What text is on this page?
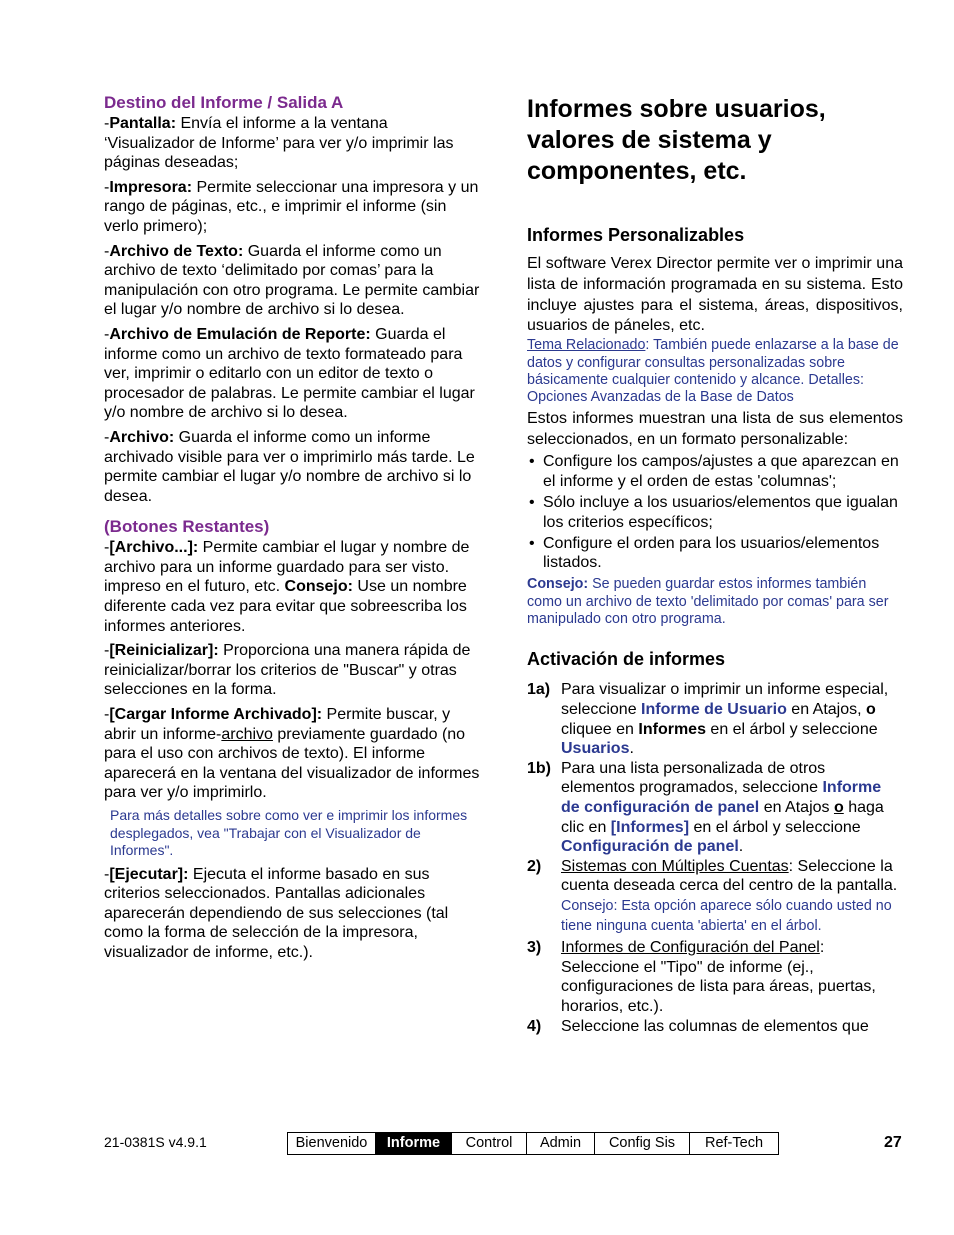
Destino del Informe / Salida A

-Pantalla: Envía el informe a la ventana ‘Visualizador de Informe’ para ver y/o imprimir las páginas deseadas;

-Impresora: Permite seleccionar una impresora y un rango de páginas, etc., e imprimir el informe (sin verlo primero);

-Archivo de Texto: Guarda el informe como un archivo de texto ‘delimitado por comas’ para la manipulación con otro programa. Le permite cambiar el lugar y/o nombre de archivo si lo desea.

-Archivo de Emulación de Reporte: Guarda el informe como un archivo de texto formateado para ver, imprimir o editarlo con un editor de texto o procesador de palabras. Le permite cambiar el lugar y/o nombre de archivo si lo desea.

-Archivo: Guarda el informe como un informe archivado visible para ver o imprimirlo más tarde. Le permite cambiar el lugar y/o nombre de archivo si lo desea.

(Botones Restantes)

-[Archivo...]: Permite cambiar el lugar y nombre de archivo para un informe guardado para ser visto. impreso en el futuro, etc. Consejo: Use un nombre diferente cada vez para evitar que sobreescriba los informes anteriores.

-[Reinicializar]: Proporciona una manera rápida de reinicializar/borrar los criterios de "Buscar" y otras selecciones en la forma.

-[Cargar Informe Archivado]: Permite buscar, y abrir un informe-archivo previamente guardado (no para el uso con archivos de texto). El informe aparecerá en la ventana del visualizador de informes para ver y/o imprimirlo.

Para más detalles sobre como ver e imprimir los informes desplegados, vea "Trabajar con el Visualizador de Informes".

-[Ejecutar]: Ejecuta el informe basado en sus criterios seleccionados. Pantallas adicionales aparecerán dependiendo de sus selecciones (tal como la forma de selección de la impresora, visualizador de informe, etc.).

Informes sobre usuarios, valores de sistema y componentes, etc.
Informes Personalizables

El software Verex Director permite ver o imprimir una lista de información programada en su sistema. Esto incluye ajustes para el sistema, áreas, dispositivos, usuarios de páneles, etc.

Tema Relacionado: También puede enlazarse a la base de datos y configurar consultas personalizadas sobre básicamente cualquier contenido y alcance. Detalles: Opciones Avanzadas de la Base de Datos

Estos informes muestran una lista de sus elementos seleccionados, en un formato personalizable:

• Configure los campos/ajustes a que aparezcan en el informe y el orden de estas 'columnas';
• Sólo incluye a los usuarios/elementos que igualan los criterios específicos;
• Configure el orden para los usuarios/elementos listados.

Consejo: Se pueden guardar estos informes también como un archivo de texto 'delimitado por comas' para ser manipulado con otro programa.

Activación de informes
1a) Para visualizar o imprimir un informe especial, seleccione Informe de Usuario en Atajos, o cliquee en Informes en el árbol y seleccione Usuarios.
1b) Para una lista personalizada de otros elementos programados, seleccione Informe de configuración de panel en Atajos o haga clic en [Informes] en el árbol y seleccione Configuración de panel.
2)	Sistemas con Múltiples Cuentas: Seleccione la cuenta deseada cerca del centro de la pantalla.
Consejo: Esta opción aparece sólo cuando usted no tiene ninguna cuenta 'abierta' en el árbol.
3)	Informes de Configuración del Panel: Seleccione el "Tipo" de informe (ej., configuraciones de lista para áreas, puertas, horarios, etc.).
4)	Seleccione las columnas de elementos que
21-0381S v4.9.1	Bienvenido	Informe	Control	Admin	Config Sis	Ref-Tech	27
